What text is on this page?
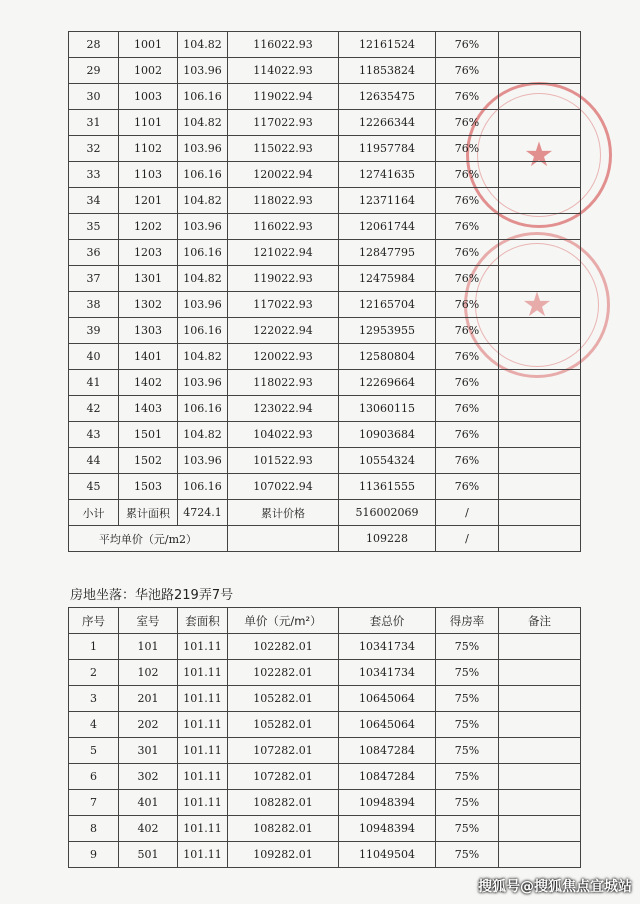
★
★
28	1001	104.82	116022.93	12161524	76%	
29	1002	103.96	114022.93	11853824	76%	
30	1003	106.16	119022.94	12635475	76%	
31	1101	104.82	117022.93	12266344	76%	
32	1102	103.96	115022.93	11957784	76%	
33	1103	106.16	120022.94	12741635	76%	
34	1201	104.82	118022.93	12371164	76%	
35	1202	103.96	116022.93	12061744	76%	
36	1203	106.16	121022.94	12847795	76%	
37	1301	104.82	119022.93	12475984	76%	
38	1302	103.96	117022.93	12165704	76%	
39	1303	106.16	122022.94	12953955	76%	
40	1401	104.82	120022.93	12580804	76%	
41	1402	103.96	118022.93	12269664	76%	
42	1403	106.16	123022.94	13060115	76%	
43	1501	104.82	104022.93	10903684	76%	
44	1502	103.96	101522.93	10554324	76%	
45	1503	106.16	107022.94	11361555	76%	
小计	累计面积	4724.1	累计价格	516002069	/	
平均单价（元/m2）				109228	/	
房地坐落：华池路219弄7号
序号	室号	套面积	单价（元/m²）	套总价	得房率	备注
1	101	101.11	102282.01	10341734	75%	
2	102	101.11	102282.01	10341734	75%	
3	201	101.11	105282.01	10645064	75%	
4	202	101.11	105282.01	10645064	75%	
5	301	101.11	107282.01	10847284	75%	
6	302	101.11	107282.01	10847284	75%	
7	401	101.11	108282.01	10948394	75%	
8	402	101.11	108282.01	10948394	75%	
9	501	101.11	109282.01	11049504	75%	
搜狐号@搜狐焦点宜城站
